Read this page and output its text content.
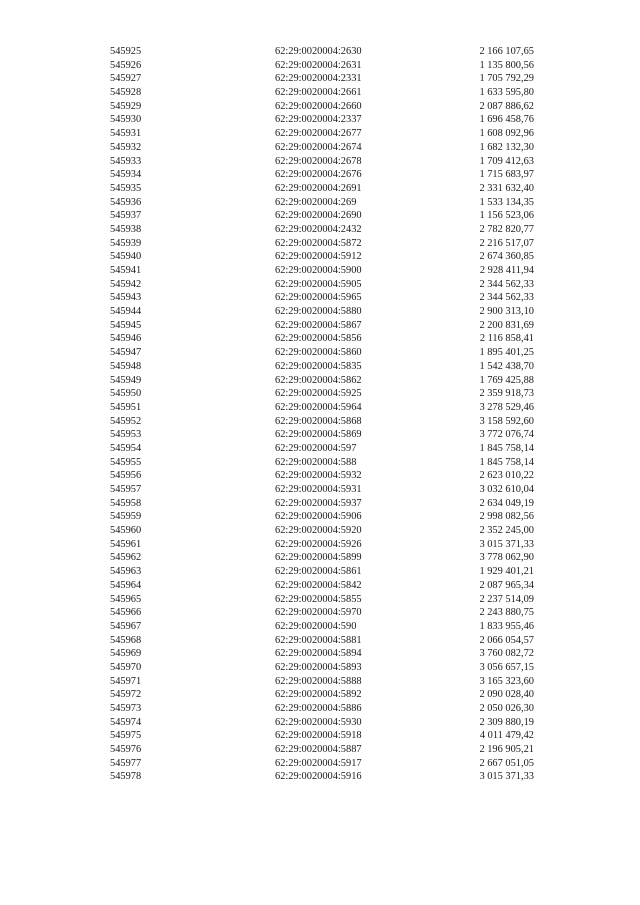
545925	62:29:0020004:2630	2 166 107,65
545926	62:29:0020004:2631	1 135 800,56
545927	62:29:0020004:2331	1 705 792,29
545928	62:29:0020004:2661	1 633 595,80
545929	62:29:0020004:2660	2 087 886,62
545930	62:29:0020004:2337	1 696 458,76
545931	62:29:0020004:2677	1 608 092,96
545932	62:29:0020004:2674	1 682 132,30
545933	62:29:0020004:2678	1 709 412,63
545934	62:29:0020004:2676	1 715 683,97
545935	62:29:0020004:2691	2 331 632,40
545936	62:29:0020004:269	1 533 134,35
545937	62:29:0020004:2690	1 156 523,06
545938	62:29:0020004:2432	2 782 820,77
545939	62:29:0020004:5872	2 216 517,07
545940	62:29:0020004:5912	2 674 360,85
545941	62:29:0020004:5900	2 928 411,94
545942	62:29:0020004:5905	2 344 562,33
545943	62:29:0020004:5965	2 344 562,33
545944	62:29:0020004:5880	2 900 313,10
545945	62:29:0020004:5867	2 200 831,69
545946	62:29:0020004:5856	2 116 858,41
545947	62:29:0020004:5860	1 895 401,25
545948	62:29:0020004:5835	1 542 438,70
545949	62:29:0020004:5862	1 769 425,88
545950	62:29:0020004:5925	2 359 918,73
545951	62:29:0020004:5964	3 278 529,46
545952	62:29:0020004:5868	3 158 592,60
545953	62:29:0020004:5869	3 772 076,74
545954	62:29:0020004:597	1 845 758,14
545955	62:29:0020004:588	1 845 758,14
545956	62:29:0020004:5932	2 623 010,22
545957	62:29:0020004:5931	3 032 610,04
545958	62:29:0020004:5937	2 634 049,19
545959	62:29:0020004:5906	2 998 082,56
545960	62:29:0020004:5920	2 352 245,00
545961	62:29:0020004:5926	3 015 371,33
545962	62:29:0020004:5899	3 778 062,90
545963	62:29:0020004:5861	1 929 401,21
545964	62:29:0020004:5842	2 087 965,34
545965	62:29:0020004:5855	2 237 514,09
545966	62:29:0020004:5970	2 243 880,75
545967	62:29:0020004:590	1 833 955,46
545968	62:29:0020004:5881	2 066 054,57
545969	62:29:0020004:5894	3 760 082,72
545970	62:29:0020004:5893	3 056 657,15
545971	62:29:0020004:5888	3 165 323,60
545972	62:29:0020004:5892	2 090 028,40
545973	62:29:0020004:5886	2 050 026,30
545974	62:29:0020004:5930	2 309 880,19
545975	62:29:0020004:5918	4 011 479,42
545976	62:29:0020004:5887	2 196 905,21
545977	62:29:0020004:5917	2 667 051,05
545978	62:29:0020004:5916	3 015 371,33
